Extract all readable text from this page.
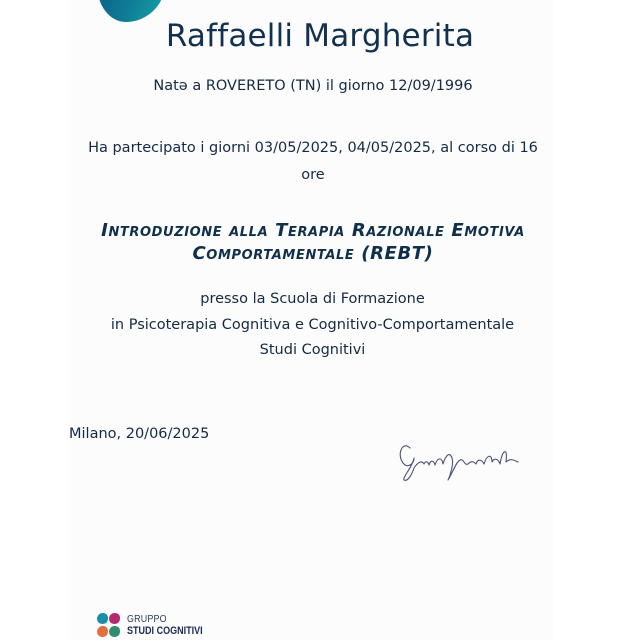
Raffaelli Margherita
Natə a ROVERETO (TN) il giorno 12/09/1996
Ha partecipato i giorni 03/05/2025, 04/05/2025, al corso di 16 ore
Introduzione alla Terapia Razionale Emotiva Comportamentale (REBT)
presso la Scuola di Formazione
in Psicoterapia Cognitiva e Cognitivo-Comportamentale
Studi Cognitivi
Milano, 20/06/2025
GRUPPO
STUDI COGNITIVI
